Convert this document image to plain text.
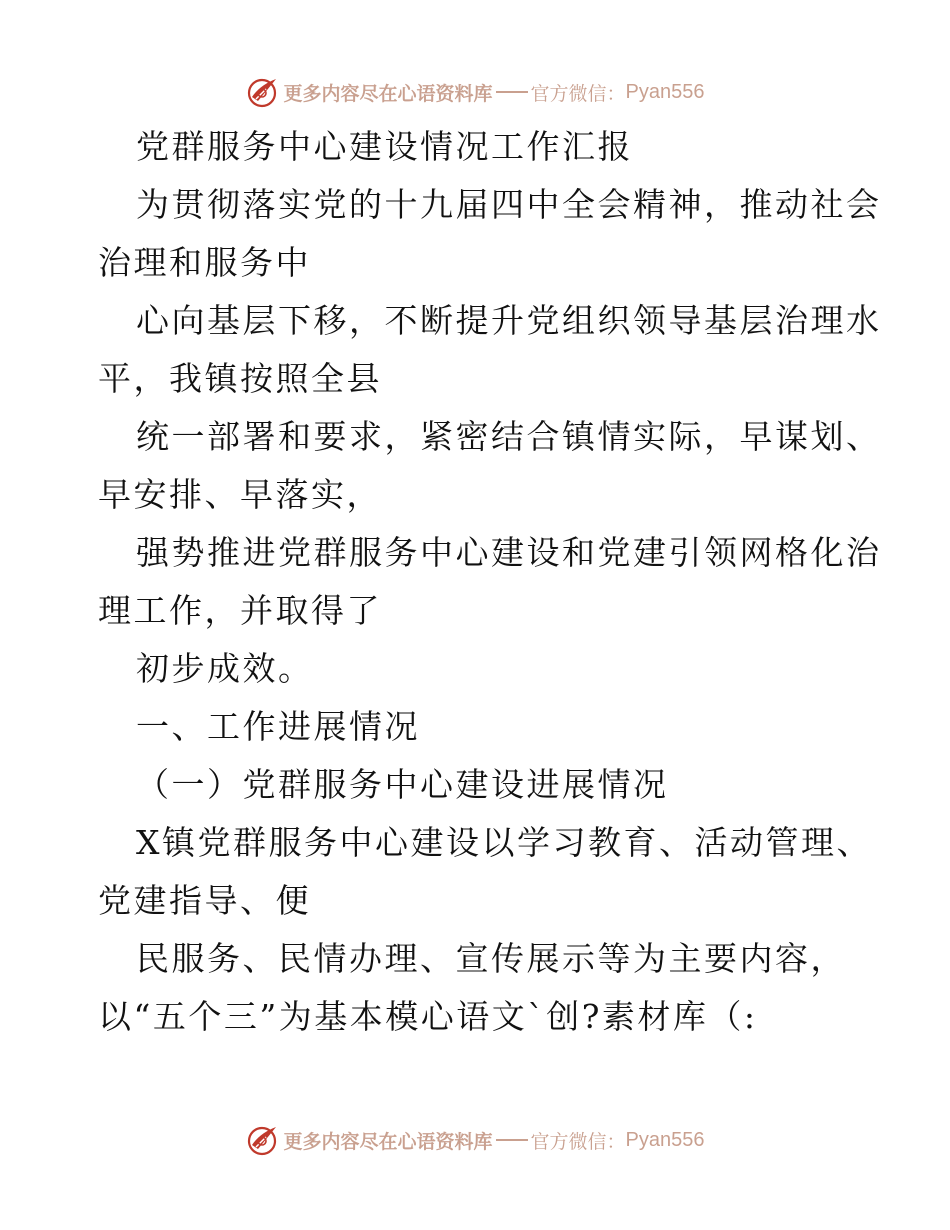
更多内容尽在心语资料库 官方微信： Pyan556
党群服务中心建设情况工作汇报
为贯彻落实党的十九届四中全会精神，推动社会
治理和服务中
心向基层下移，不断提升党组织领导基层治理水
平，我镇按照全县
统一部署和要求，紧密结合镇情实际，早谋划、
早安排、早落实，
强势推进党群服务中心建设和党建引领网格化治
理工作，并取得了
初步成效。
一、工作进展情况
（一）党群服务中心建设进展情况
X镇党群服务中心建设以学习教育、活动管理、
党建指导、便
民服务、民情办理、宣传展示等为主要内容，
以“五个三”为基本模心语文`创?素材库（:
更多内容尽在心语资料库 官方微信： Pyan556
